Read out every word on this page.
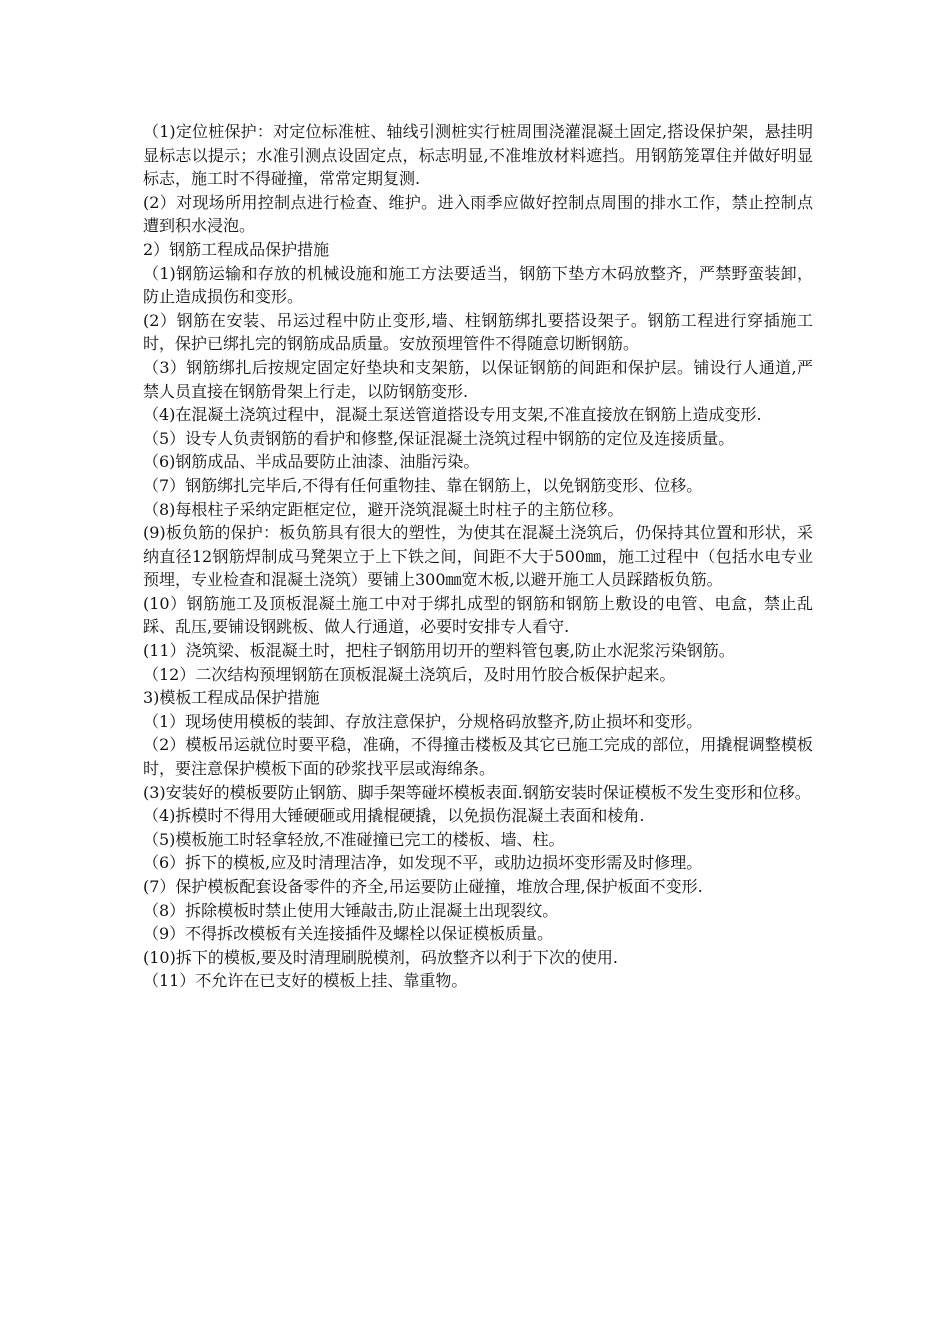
（1)定位桩保护：对定位标准桩、轴线引测桩实行桩周围浇灌混凝土固定,搭设保护架，悬挂明显标志以提示；水准引测点设固定点，标志明显,不准堆放材料遮挡。用钢筋笼罩住并做好明显标志，施工时不得碰撞，常常定期复测.

(2）对现场所用控制点进行检查、维护。进入雨季应做好控制点周围的排水工作，禁止控制点遭到积水浸泡。

2）钢筋工程成品保护措施

（1)钢筋运输和存放的机械设施和施工方法要适当，钢筋下垫方木码放整齐，严禁野蛮装卸，防止造成损伤和变形。

(2）钢筋在安装、吊运过程中防止变形,墙、柱钢筋绑扎要搭设架子。钢筋工程进行穿插施工时，保护已绑扎完的钢筋成品质量。安放预埋管件不得随意切断钢筋。

（3）钢筋绑扎后按规定固定好垫块和支架筋，以保证钢筋的间距和保护层。铺设行人通道,严禁人员直接在钢筋骨架上行走，以防钢筋变形.

（4)在混凝土浇筑过程中，混凝土泵送管道搭设专用支架,不准直接放在钢筋上造成变形.

（5）设专人负责钢筋的看护和修整,保证混凝土浇筑过程中钢筋的定位及连接质量。

（6)钢筋成品、半成品要防止油漆、油脂污染。

（7）钢筋绑扎完毕后,不得有任何重物挂、靠在钢筋上，以免钢筋变形、位移。

（8)每根柱子采纳定距框定位，避开浇筑混凝土时柱子的主筋位移。

(9)板负筋的保护：板负筋具有很大的塑性，为使其在混凝土浇筑后，仍保持其位置和形状，采纳直径12钢筋焊制成马凳架立于上下铁之间，间距不大于500㎜，施工过程中（包括水电专业预埋，专业检查和混凝土浇筑）要铺上300㎜宽木板,以避开施工人员踩踏板负筋。

(10）钢筋施工及顶板混凝土施工中对于绑扎成型的钢筋和钢筋上敷设的电管、电盒，禁止乱踩、乱压,要铺设钢跳板、做人行通道，必要时安排专人看守.

(11）浇筑梁、板混凝土时，把柱子钢筋用切开的塑料管包裹,防止水泥浆污染钢筋。

（12）二次结构预埋钢筋在顶板混凝土浇筑后，及时用竹胶合板保护起来。

3)模板工程成品保护措施

（1）现场使用模板的装卸、存放注意保护，分规格码放整齐,防止损坏和变形。

（2）模板吊运就位时要平稳，准确，不得撞击楼板及其它已施工完成的部位，用撬棍调整模板时，要注意保护模板下面的砂浆找平层或海绵条。

(3)安装好的模板要防止钢筋、脚手架等碰坏模板表面.钢筋安装时保证模板不发生变形和位移。

（4)拆模时不得用大锤硬砸或用撬棍硬撬，以免损伤混凝土表面和棱角.

（5)模板施工时轻拿轻放,不准碰撞已完工的楼板、墙、柱。

（6）拆下的模板,应及时清理洁净，如发现不平，或肋边损坏变形需及时修理。

(7）保护模板配套设备零件的齐全,吊运要防止碰撞，堆放合理,保护板面不变形.

（8）拆除模板时禁止使用大锤敲击,防止混凝土出现裂纹。

（9）不得拆改模板有关连接插件及螺栓以保证模板质量。

(10)拆下的模板,要及时清理刷脱模剂，码放整齐以利于下次的使用.

（11）不允许在已支好的模板上挂、靠重物。
